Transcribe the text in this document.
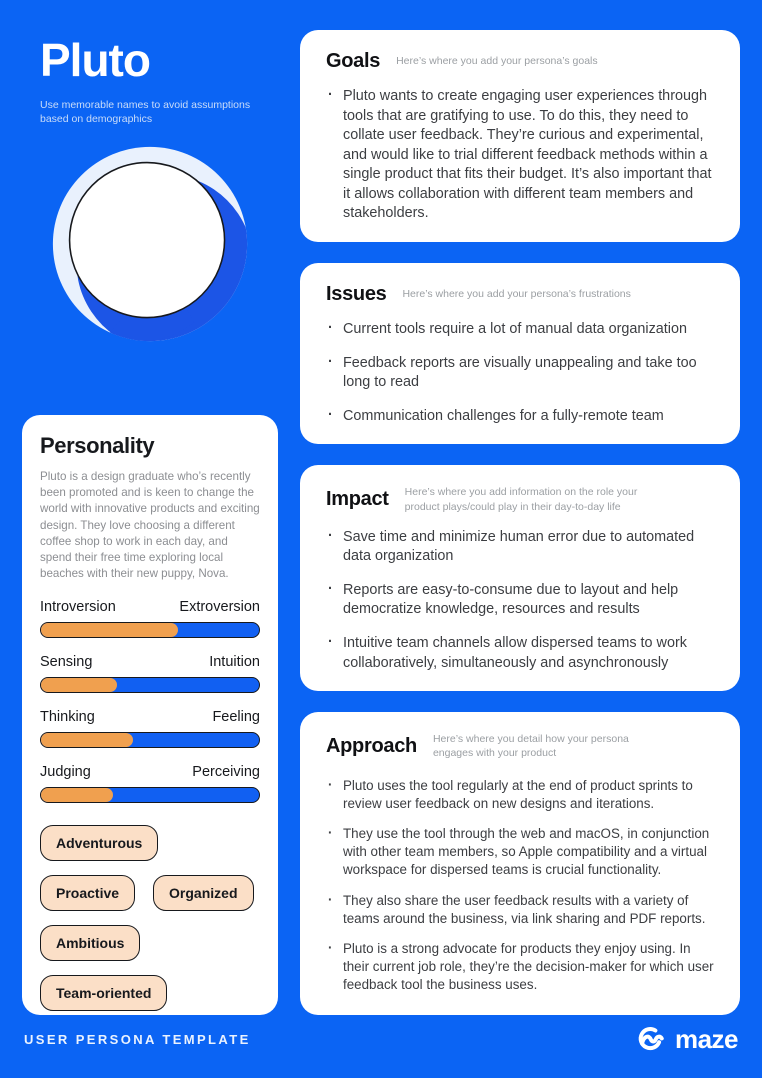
Pluto

Use memorable names to avoid assumptions based on demographics

Personality

Pluto is a design graduate who’s recently been promoted and is keen to change the world with innovative products and exciting design. They love choosing a different coffee shop to work in each day, and spend their free time exploring local beaches with their new puppy, Nova.

Introversion	Extroversion
Sensing	Intuition
Thinking	Feeling
Judging	Perceiving
Adventurous
Proactive	Organized
Ambitious
Team-oriented
Goals Here’s where you add your persona’s goals

· Pluto wants to create engaging user experiences through tools that are gratifying to use. To do this, they need to collate user feedback. They’re curious and experimental, and would like to trial different feedback methods within a single product that fits their budget. It’s also important that it allows collaboration with different team members and stakeholders.
Issues Here’s where you add your persona’s frustrations

· Current tools require a lot of manual data organization
· Feedback reports are visually unappealing and take too long to read
· Communication challenges for a fully-remote team
Impact Here’s where you add information on the role your product plays/could play in their day-to-day life

· Save time and minimize human error due to automated data organization
· Reports are easy-to-consume due to layout and help democratize knowledge, resources and results
· Intuitive team channels allow dispersed teams to work collaboratively, simultaneously and asynchronously
Approach Here’s where you detail how your persona engages with your product

· Pluto uses the tool regularly at the end of product sprints to review user feedback on new designs and iterations.
· They use the tool through the web and macOS, in conjunction with other team members, so Apple compatibility and a virtual workspace for dispersed teams is crucial functionality.
· They also share the user feedback results with a variety of teams around the business, via link sharing and PDF reports.
· Pluto is a strong advocate for products they enjoy using. In their current job role, they’re the decision-maker for which user feedback tool the business uses.
USER PERSONA TEMPLATE	maze
